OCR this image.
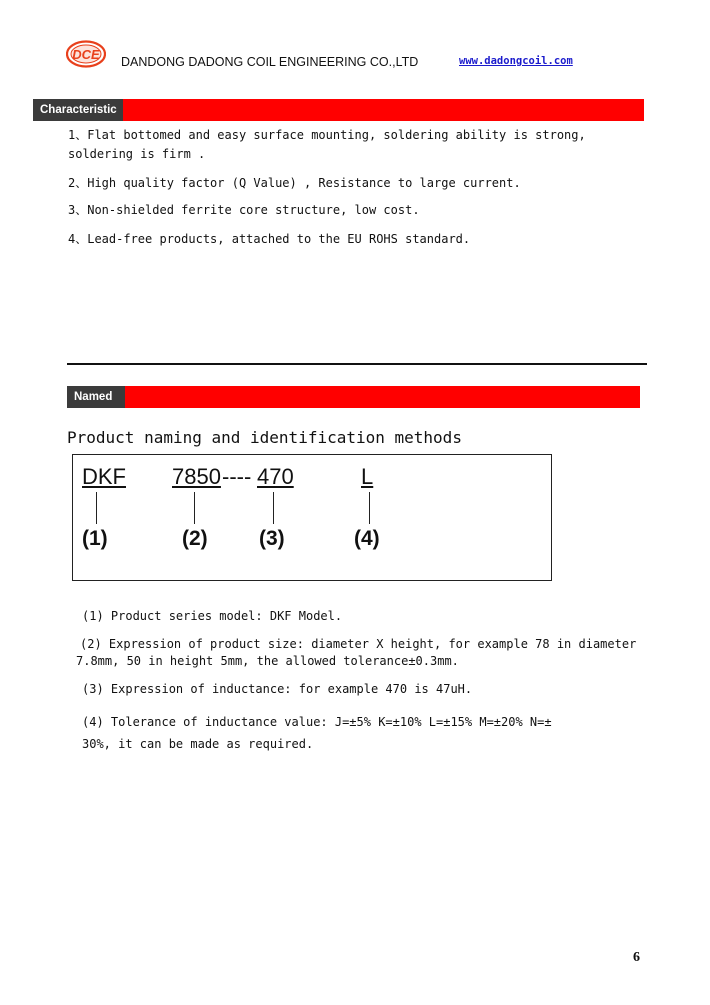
DCE DANDONG DADONG COIL ENGINEERING CO.,LTD	www.dadongcoil.com
Characteristic
1、Flat bottomed and easy surface mounting, soldering ability is strong,
soldering is firm .
2、High quality factor (Q Value) , Resistance to large current.
3、Non-shielded ferrite core structure, low cost.
4、Lead-free products, attached to the EU ROHS standard.
Named
Product naming and identification methods
DKF 7850 ---- 470	L
(1)	(2) (3)	(4)
(1) Product series model: DKF Model.
(2) Expression of product size: diameter X height, for example 78 in diameter
7.8mm, 50 in height 5mm, the allowed tolerance±0.3mm.
(3) Expression of inductance: for example 470 is 47uH.
(4) Tolerance of inductance value: J=±5% K=±10% L=±15% M=±20% N=±
30%, it can be made as required.
6
